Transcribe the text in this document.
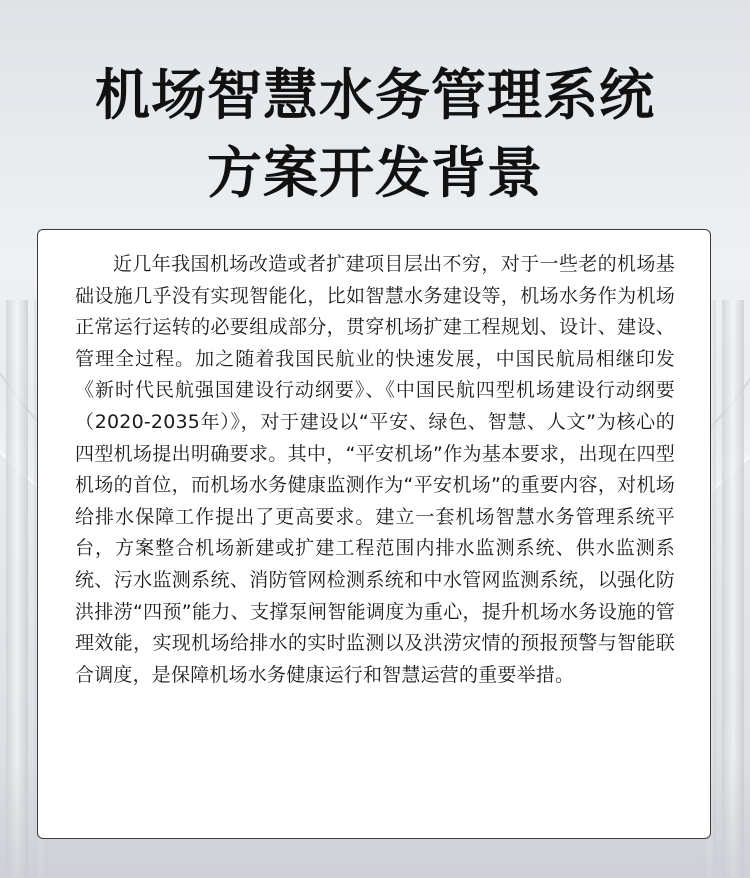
机场智慧水务管理系统
方案开发背景

近几年我国机场改造或者扩建项目层出不穷，对于一些老的机场基础设施几乎没有实现智能化，比如智慧水务建设等，机场水务作为机场正常运行运转的必要组成部分，贯穿机场扩建工程规划、设计、建设、管理全过程。加之随着我国民航业的快速发展，中国民航局相继印发《新时代民航强国建设行动纲要》、《中国民航四型机场建设行动纲要（2020-2035年）》，对于建设以“平安、绿色、智慧、人文”为核心的四型机场提出明确要求。其中，“平安机场”作为基本要求，出现在四型机场的首位，而机场水务健康监测作为“平安机场”的重要内容，对机场给排水保障工作提出了更高要求。建立一套机场智慧水务管理系统平台，方案整合机场新建或扩建工程范围内排水监测系统、供水监测系统、污水监测系统、消防管网检测系统和中水管网监测系统，以强化防洪排涝“四预”能力、支撑泵闸智能调度为重心，提升机场水务设施的管理效能，实现机场给排水的实时监测以及洪涝灾情的预报预警与智能联合调度，是保障机场水务健康运行和智慧运营的重要举措。
